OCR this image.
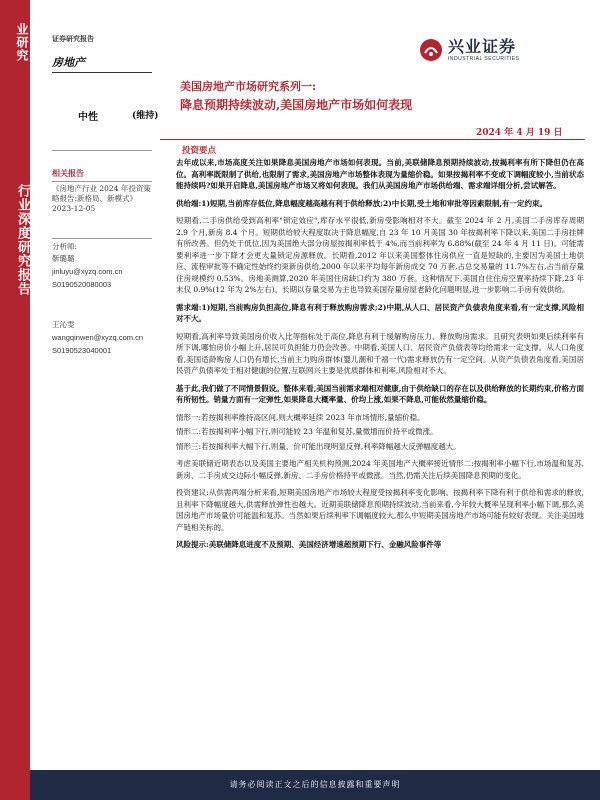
业研究
行业深度研究报告
证券研究报告
房地产
兴业证券
INDUSTRIAL SECURITIES
美国房地产市场研究系列一:
降息预期持续波动,美国房地产市场如何表现
中性	(维持)
2024 年 4 月 19 日
相关报告
《房地产行业 2024 年投资策略报告:新格局、新模式》 2023-12-05
分析师:
靳璐璐
jinluyu@xyzq.com.cn
S0190520080003
王沁雯
wangqinwen@xyzq.com.cn
S0190523040001
投资要点
去年成以来,市场高度关注如果降息美国房地产市场如何表现。当前,美联储降息预期持续波动,按揭利率有所下降但仍在高位。高利率既限制了供给,也限制了需求,美国房地产市场整体表现为量缩价稳。如果按揭利率不变或下调幅度较小,当前状态能持续吗?如果开启降息,美国房地产市场又将如何表现。我们从美国房地产市场供给端、需求端详细分析,尝试解答。
供给端:1)短期,当前库存低位,降息幅度越高越有利于供给释放;2)中长期,受土地和审批等因素限制,有一定约束。
短期看,二手房供给受到高利率"锁定效应",库存水平很低,新房受影响相对不大。截至 2024 年 2 月,美国二手房库存周期 2.9 个月,新房 8.4 个月。短期供给较大程度取决于降息幅度,自 23 年 10 月美国 30 年按揭利率下降以来,美国二手房挂牌有所改善。但仍处于低位,因为美国绝大部分房屋按揭利率低于 4%,而当前利率为 6.88%(截至 24 年 4 月 11 日)。可能需要利率进一步下降才会更大量锁定房源释放。长期看,2012 年以来美国整体住房供应一直是短缺的,主要因为美国土地供应、流程审批等不确定性始终约束新房供给,2000 年以来平均每年新房成交 70 万套,占总交易量的 11.7%左右,占当前存量住房规模约 0.53%。房地美测算,2020 年美国住房缺口约为 380 万套。这种情况下,美国自住住房空置率持续下降,23 年末仅 0.9%(12 年为 2%左右)。长期以存量交易为主也导致美国存量房屋老龄化问题明显,进一步影响二手房有效供给。
需求端:1)短期,当前购房负担高位,降息有利于释放购房需求;2)中期,从人口、居民资产负债表角度来看,有一定支撑,风险相对不大。
短期看,高利率导致美国房价收入比等指标处于高位,降息有利于缓解购房压力、释放购房需求。且研究表明如果后续利率有所下调,哪怕房价小幅上升,居民可负担能力仍会改善。中期看,美国人口、居民资产负债表等均给需求一定支撑。从人口角度看,美国适龄购房人口仍有增长,当前主力购房群体(婴儿潮和千禧一代)需求释放仍有一定空间。从资产负债表角度看,美国居民资产负债率处于相对健康的位置,互联网兴主要是优质群体和利率,风险相对不大。
基于此,我们做了不同情景假设。整体来看,美国当前需求端相对健康,由于供给缺口的存在以及供给释放的长期约束,价格方面有所韧性。销量方面有一定弹性,如果降息大概率量、价均上涨,如果不降息,可能依然量缩价稳。
情形一:若按揭利率维持高区间,则大概率延续 2023 年市场情形,量缩价稳。
情形二:若按揭利率小幅下行,则可能较 23 年温和复苏,量微增而价持平或微涨。
情形三:若按揭利率大幅下行,则量、价可能出现明显反弹,利率降幅越大反弹幅度越大。
考虑美联储近期表态以及美国主要地产相关机构预测,2024 年美国地产大概率接近情形二:按揭利率小幅下行,市场温和复苏,新房、二手房成交边际小幅反弹,新房、二手房价格持平或微涨。当然,仍需关注后续美国降息预期的变化。
投资建议:从供需两端分析来看,短期美国房地产市场较大程度受按揭利率变化影响。按揭利率下降有利于供给和需求的释放,且利率下降幅度越大,供需释放弹性也越大。近期美联储降息预期持续波动,当前来看,今年较大概率呈现利率小幅下调,那么美国房地产市场量价可能温和复苏。当然如果后续利率下调幅度较大,那么中短期美国房地产市场可能有较好表现。关注美国地产链相关标的。
风险提示:美联储降息进度不及预期、美国经济增速超预期下行、金融风险事件等
请务必阅读正文之后的信息披露和重要声明
